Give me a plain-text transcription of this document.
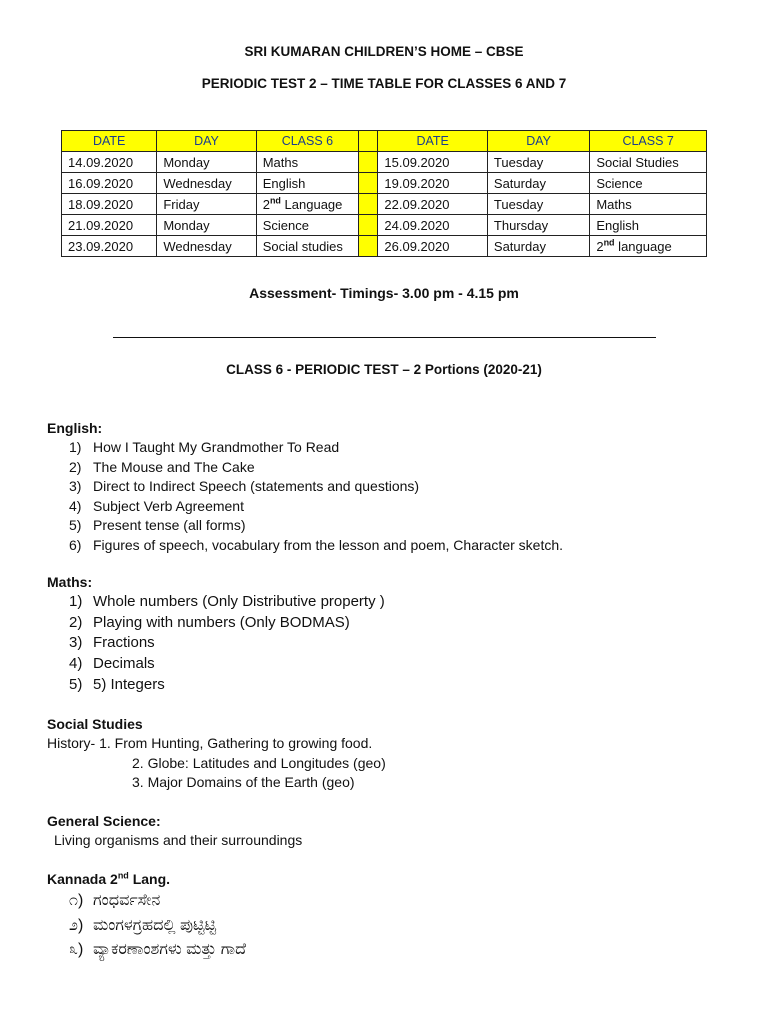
SRI KUMARAN CHILDREN’S HOME – CBSE
PERIODIC TEST 2 – TIME TABLE FOR CLASSES 6 AND 7
DATE	DAY	CLASS 6		DATE	DAY	CLASS 7
14.09.2020	Monday	Maths		15.09.2020	Tuesday	Social Studies
16.09.2020	Wednesday	English		19.09.2020	Saturday	Science
18.09.2020	Friday	2nd Language		22.09.2020	Tuesday	Maths
21.09.2020	Monday	Science		24.09.2020	Thursday	English
23.09.2020	Wednesday	Social studies		26.09.2020	Saturday	2nd language
Assessment- Timings- 3.00 pm - 4.15 pm
CLASS 6 - PERIODIC TEST – 2 Portions (2020-21)
English:
1) How I Taught My Grandmother To Read
2) The Mouse and The Cake
3) Direct to Indirect Speech (statements and questions)
4) Subject Verb Agreement
5) Present tense (all forms)
6) Figures of speech, vocabulary from the lesson and poem, Character sketch.
Maths:
1) Whole numbers (Only Distributive property )
2) Playing with numbers (Only BODMAS)
3) Fractions
4) Decimals
5) 5) Integers
Social Studies
History- 1. From Hunting, Gathering to growing food.
2. Globe: Latitudes and Longitudes (geo)
3. Major Domains of the Earth (geo)
General Science:
Living organisms and their surroundings
Kannada 2nd Lang.
೧) ಗಂಧರ್ವಸೇನ
೨) ಮಂಗಳಗ್ರಹದಲ್ಲಿ ಪುಟ್ಟಿಟ್ಟಿ
೩) ವ್ಯಾಕರಣಾಂಶಗಳು ಮತ್ತು ಗಾದೆ
